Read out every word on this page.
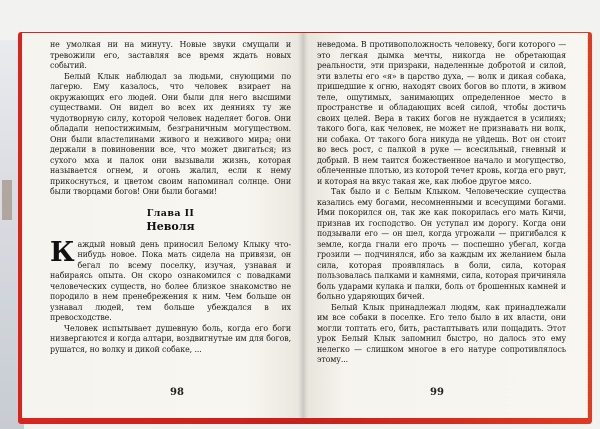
не умолкая ни на минуту. Новые звуки смущали и тревожили его, заставляя все время ждать новых событий.

Белый Клык наблюдал за людьми, снующими по лагерю. Ему казалось, что человек взирает на окружающих его людей. Они были для него высшими существами. Он видел во всех их деяниях ту же чудотворную силу, которой человек наделяет богов. Они обладали непостижимым, безграничным могуществом. Они были властелинами живого и неживого мира; они держали в повиновении все, что может двигаться; из сухого мха и палок они вызывали жизнь, которая называется огнем, и огонь жалил, если к нему прикоснуться, и цветом своим напоминал солнце. Они были творцами богов! Они были богами!

Глава II
Неволя

Каждый новый день приносил Белому Клыку что-нибудь новое. Пока мать сидела на привязи, он бегал по всему поселку, изучая, узнавая и набираясь опыта. Он скоро ознакомился с повадками человеческих существ, но более близкое знакомство не породило в нем пренебрежения к ним. Чем больше он узнавал людей, тем больше убеждался в их превосходстве.

Человек испытывает душевную боль, когда его боги низвергаются и когда алтари, воздвигнутые им для богов, рушатся, но волку и дикой собаке, ...

98

неведома. В противоположность человеку, боги которого — это легкая дымка мечты, никогда не обретающая реальности, эти призраки, наделенные добротой и силой, эти взлеты его «я» в царство духа, — волк и дикая собака, пришедшие к огню, находят своих богов во плоти, в живом теле, ощутимых, занимающих определенное место в пространстве и обладающих всей силой, чтобы достичь своих целей. Вера в таких богов не нуждается в усилиях; такого бога, как человек, не может не признавать ни волк, ни собака. От такого бога никуда не уйдешь. Вот он стоит во весь рост, с палкой в руке — всесильный, гневный и добрый. В нем таится божественное начало и могущество, облеченные плотью, из которой течет кровь, когда его рвут, и которая на вкус такая же, как любое другое мясо.

Так было и с Белым Клыком. Человеческие существа казались ему богами, несомненными и всесущими богами. Ими покорился он, так же как покорилась его мать Кичи, признав их господство. Он уступал им дорогу. Когда они подзывали его — он шел, когда угрожали — пригибался к земле, когда гнали его прочь — поспешно убегал, когда грозили — подчинялся, ибо за каждым их желанием была сила, которая проявлялась в боли, сила, которая пользовалась палками и камнями, сила, которая причиняла боль ударами кулака и палки, боль от брошенных камней и больно ударяющих бичей.

Белый Клык принадлежал людям, как принадлежали им все собаки в поселке. Его тело было в их власти, они могли топтать его, бить, растаптывать или пощадить. Этот урок Белый Клык запомнил быстро, но далось это ему нелегко — слишком многое в его натуре сопротивлялось этому...

99
